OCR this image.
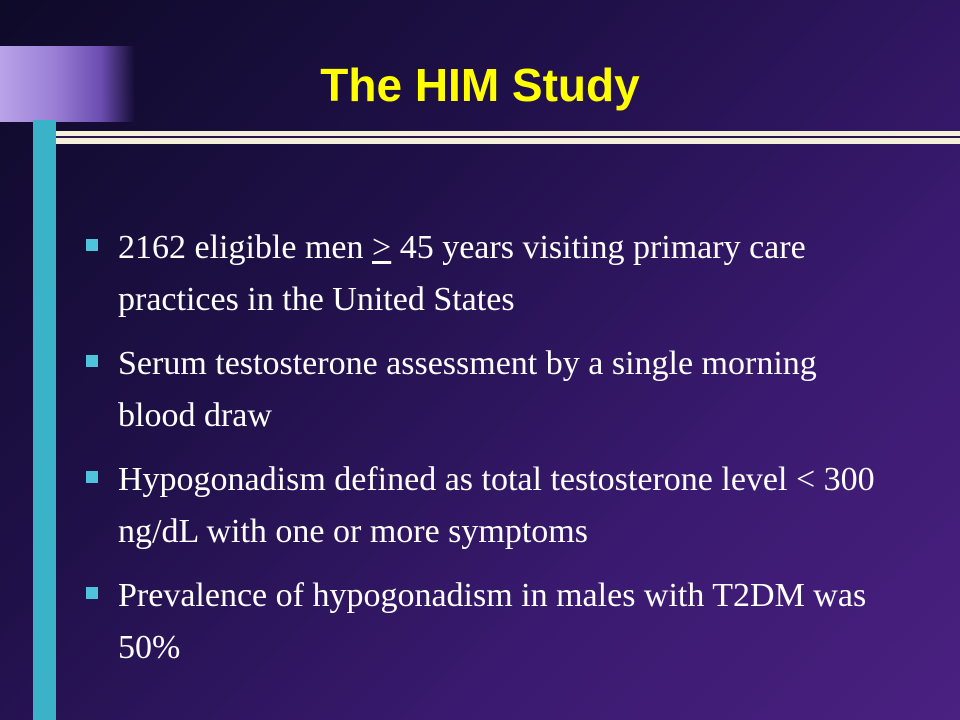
The HIM Study
2162 eligible men ≥ 45 years visiting primary care practices in the United States
Serum testosterone assessment by a single morning blood draw
Hypogonadism defined as total testosterone level < 300 ng/dL with one or more symptoms
Prevalence of hypogonadism in males with T2DM was 50%
